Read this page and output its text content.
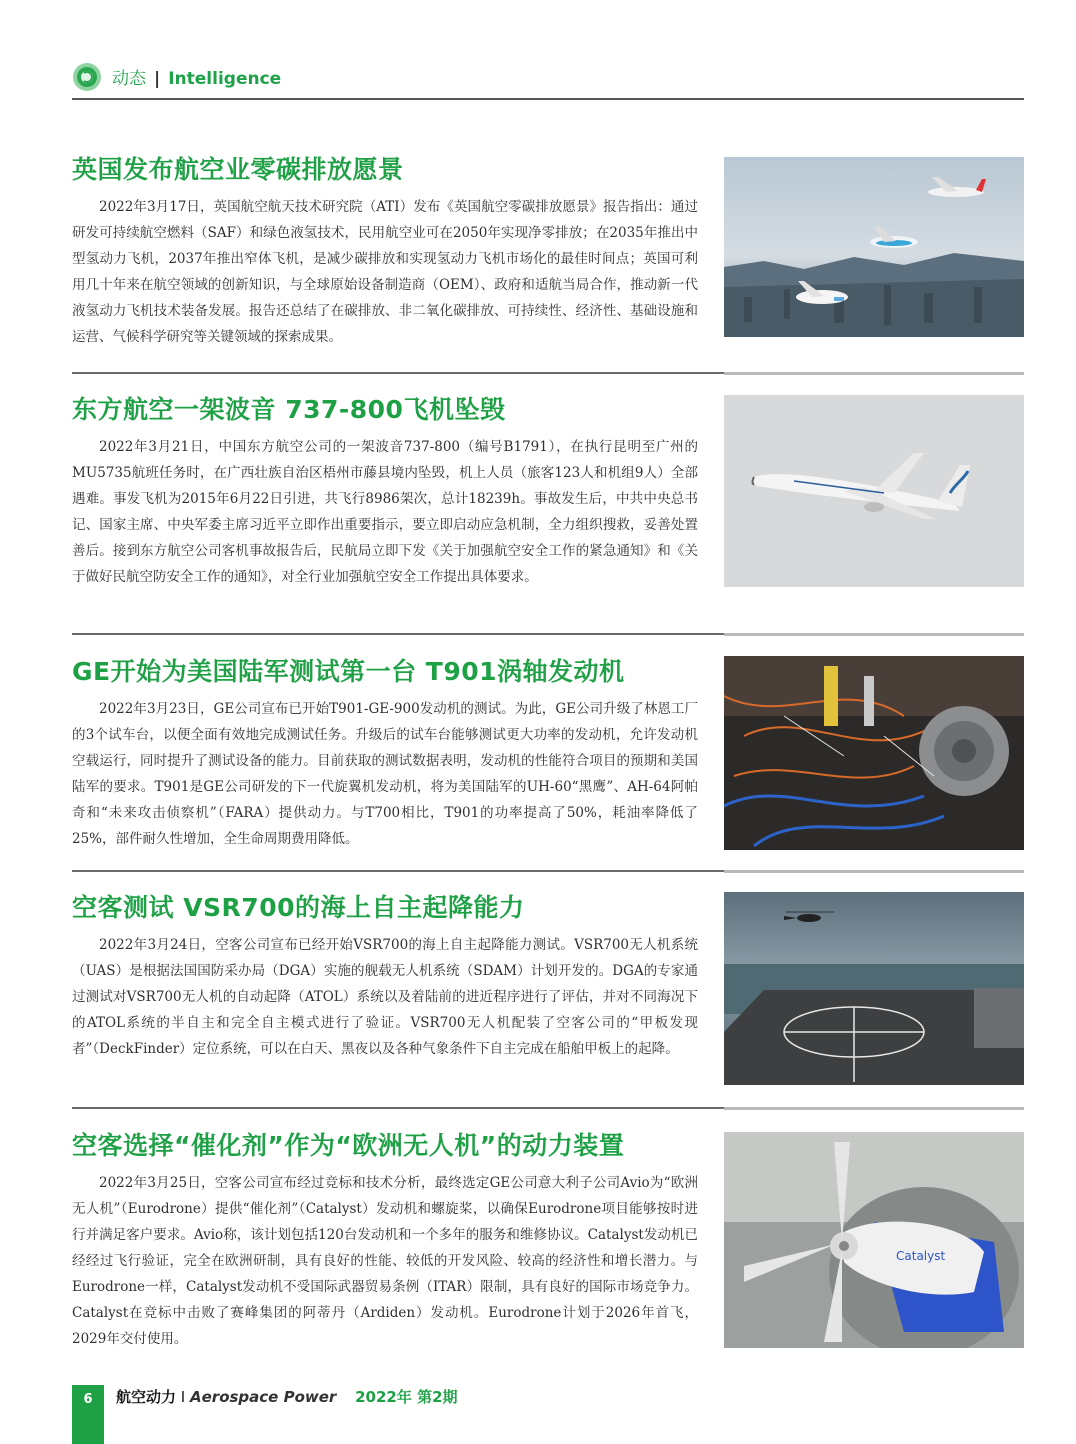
动态 | Intelligence
英国发布航空业零碳排放愿景

2022年3月17日，英国航空航天技术研究院（ATI）发布《英国航空零碳排放愿景》报告指出：通过研发可持续航空燃料（SAF）和绿色液氢技术，民用航空业可在2050年实现净零排放；在2035年推出中型氢动力飞机，2037年推出窄体飞机，是减少碳排放和实现氢动力飞机市场化的最佳时间点；英国可利用几十年来在航空领域的创新知识，与全球原始设备制造商（OEM）、政府和适航当局合作，推动新一代液氢动力飞机技术装备发展。报告还总结了在碳排放、非二氧化碳排放、可持续性、经济性、基础设施和运营、气候科学研究等关键领域的探索成果。

东方航空一架波音 737-800飞机坠毁

2022年3月21日，中国东方航空公司的一架波音737-800（编号B1791），在执行昆明至广州的MU5735航班任务时，在广西壮族自治区梧州市藤县境内坠毁，机上人员（旅客123人和机组9人）全部遇难。事发飞机为2015年6月22日引进，共飞行8986架次，总计18239h。事故发生后，中共中央总书记、国家主席、中央军委主席习近平立即作出重要指示，要立即启动应急机制，全力组织搜救，妥善处置善后。接到东方航空公司客机事故报告后，民航局立即下发《关于加强航空安全工作的紧急通知》和《关于做好民航空防安全工作的通知》，对全行业加强航空安全工作提出具体要求。

GE开始为美国陆军测试第一台 T901涡轴发动机

2022年3月23日，GE公司宣布已开始T901-GE-900发动机的测试。为此，GE公司升级了林恩工厂的3个试车台，以便全面有效地完成测试任务。升级后的试车台能够测试更大功率的发动机，允许发动机空载运行，同时提升了测试设备的能力。目前获取的测试数据表明，发动机的性能符合项目的预期和美国陆军的要求。T901是GE公司研发的下一代旋翼机发动机，将为美国陆军的UH-60“黑鹰”、AH-64阿帕奇和“未来攻击侦察机”（FARA）提供动力。与T700相比，T901的功率提高了50%，耗油率降低了25%，部件耐久性增加，全生命周期费用降低。

空客测试 VSR700的海上自主起降能力

2022年3月24日，空客公司宣布已经开始VSR700的海上自主起降能力测试。VSR700无人机系统（UAS）是根据法国国防采办局（DGA）实施的舰载无人机系统（SDAM）计划开发的。DGA的专家通过测试对VSR700无人机的自动起降（ATOL）系统以及着陆前的进近程序进行了评估，并对不同海况下的ATOL系统的半自主和完全自主模式进行了验证。VSR700无人机配装了空客公司的“甲板发现者”（DeckFinder）定位系统，可以在白天、黑夜以及各种气象条件下自主完成在船舶甲板上的起降。

空客选择“催化剂”作为“欧洲无人机”的动力装置

2022年3月25日，空客公司宣布经过竞标和技术分析，最终选定GE公司意大利子公司Avio为“欧洲无人机”（Eurodrone）提供“催化剂”（Catalyst）发动机和螺旋桨，以确保Eurodrone项目能够按时进行并满足客户要求。Avio称，该计划包括120台发动机和一个多年的服务和维修协议。Catalyst发动机已经经过飞行验证，完全在欧洲研制，具有良好的性能、较低的开发风险、较高的经济性和增长潜力。与Eurodrone一样，Catalyst发动机不受国际武器贸易条例（ITAR）限制，具有良好的国际市场竞争力。Catalyst在竞标中击败了赛峰集团的阿蒂丹（Ardiden）发动机。Eurodrone计划于2026年首飞，2029年交付使用。

Catalyst
6	航空动力 I Aerospace Power 2022年 第2期
